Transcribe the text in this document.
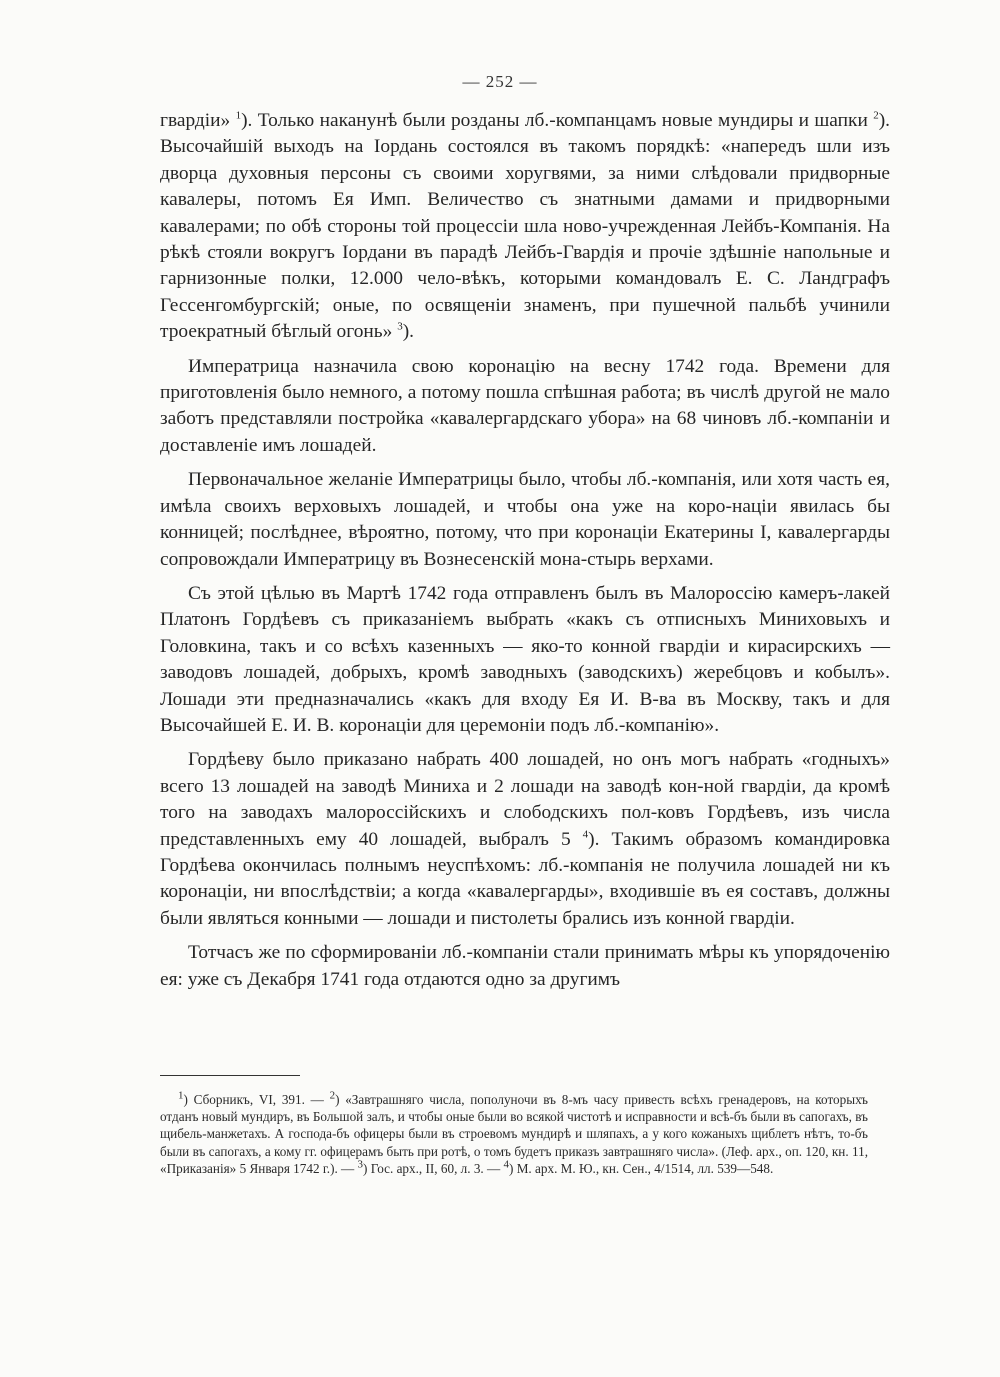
— 252 —

гвардіи» $^1$). Только наканунѣ были розданы лб.-компанцамъ новые мундиры и шапки $^2$). Высочайшій выходъ на Іордань состоялся въ такомъ порядкѣ: «напередъ шли изъ дворца духовныя персоны съ своими хоругвями, за ними слѣдовали придворные кавалеры, потомъ Ея Имп. Величество съ знатными дамами и придворными кавалерами; по обѣ стороны той процессіи шла ново-учрежденная Лейбъ-Компанія. На рѣкѣ стояли вокругъ Іордани въ парадѣ Лейбъ-Гвардія и прочіе здѣшніе напольные и гарнизонные полки, 12.000 чело-вѣкъ, которыми командовалъ Е. С. Ландграфъ Гессенгомбургскій; оныe, по освященіи знаменъ, при пушечной пальбѣ учинили троекратный бѣглый огонь» $^3$).

Императрица назначила свою коронацію на весну 1742 года. Времени для приготовленія было немного, а потому пошла спѣшная работа; въ числѣ другой не мало заботъ представляли постройка «кавалергардскаго убора» на 68 чиновъ лб.-компаніи и доставленіе имъ лошадей.

Первоначальное желаніе Императрицы было, чтобы лб.-компанія, или хотя часть ея, имѣла своихъ верховыхъ лошадей, и чтобы она уже на коро-націи явилась бы конницей; послѣднее, вѣроятно, потому, что при коронаціи Екатерины І, кавалергарды сопровождали Императрицу въ Вознесенскій мона-стырь верхами.

Съ этой цѣлью въ Мартѣ 1742 года отправленъ былъ въ Малороссію камеръ-лакей Платонъ Гордѣевъ съ приказаніемъ выбрать «какъ съ отписныхъ Миниховыхъ и Головкина, такъ и со всѣхъ казенныхъ — яко-то конной гвардіи и кирасирскихъ — заводовъ лошадей, добрыхъ, кромѣ заводныхъ (заводскихъ) жеребцовъ и кобылъ». Лошади эти предназначались «какъ для входу Ея И. В-ва въ Москву, такъ и для Высочайшей Е. И. В. коронаціи для церемоніи подъ лб.-компанію».

Гордѣеву было приказано набрать 400 лошадей, но онъ могъ набрать «годныхъ» всего 13 лошадей на заводѣ Миниха и 2 лошади на заводѣ кон-ной гвардіи, да кромѣ того на заводахъ малороссійскихъ и слободскихъ пол-ковъ Гордѣевъ, изъ числа представленныхъ ему 40 лошадей, выбралъ 5 $^4$). Такимъ образомъ командировка Гордѣева окончилась полнымъ неуспѣхомъ: лб.-компанія не получила лошадей ни къ коронаціи, ни впослѣдствіи; а когда «кавалергарды», входившіе въ ея составъ, должны были являться конными — лошади и пистолеты брались изъ конной гвардіи.

Тотчасъ же по сформированіи лб.-компаніи стали принимать мѣры къ упорядоченію ея: уже съ Декабря 1741 года отдаются одно за другимъ

$^1$) Сборникъ, VI, 391. — $^2$) «Завтрашняго числа, пополуночи въ 8-мъ часу привесть всѣхъ гренадеровъ, на которыхъ отданъ новый мундиръ, въ Большой залъ, и чтобы оные были во всякой чистотѣ и исправности и всѣ-бъ были въ сапогахъ, въ щибель-манжетахъ. А господа-бъ офицеры были въ строевомъ мундирѣ и шляпахъ, а у кого кожаныхъ щиблетъ нѣтъ, то-бъ были въ сапогахъ, а кому гг. офицерамъ быть при ротѣ, о томъ будетъ приказъ завтрашняго числа». (Леф. арх., оп. 120, кн. 11, «Приказанія» 5 Января 1742 г.). — $^3$) Гос. арх., II, 60, л. 3. — $^4$) М. арх. М. Ю., кн. Сен., 4/1514, лл. 539—548.
